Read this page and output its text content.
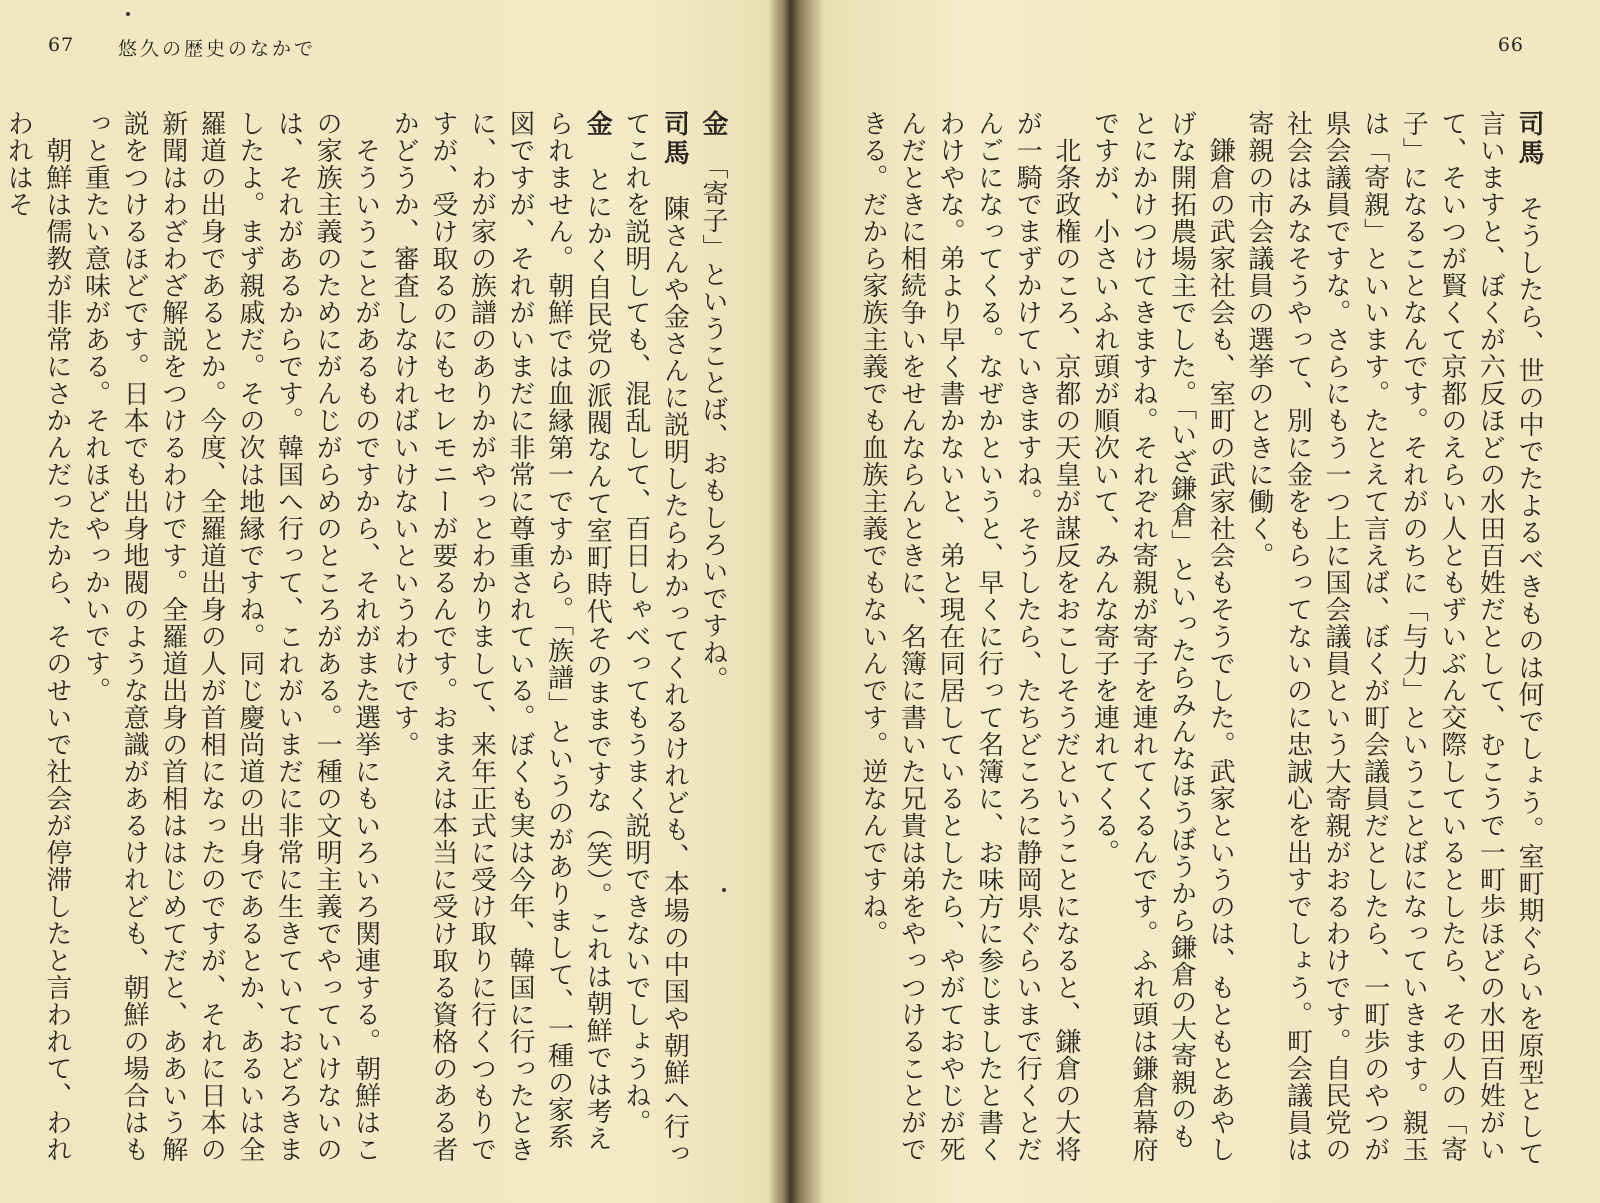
67 悠久の歴史のなかで

金　「寄子」ということば、おもしろいですね。

司馬　陳さんや金さんに説明したらわかってくれるけれども、本場の中国や朝鮮へ行ってこれを説明しても、混乱して、百日しゃべってもうまく説明できないでしょうね。

金　とにかく自民党の派閥なんて室町時代そのままですな（笑）。これは朝鮮では考えられません。朝鮮では血縁第一ですから。「族譜」というのがありまして、一種の家系図ですが、それがいまだに非常に尊重されている。ぼくも実は今年、韓国に行ったときに、わが家の族譜のありかがやっとわかりまして、来年正式に受け取りに行くつもりですが、受け取るのにもセレモニーが要るんです。おまえは本当に受け取る資格のある者かどうか、審査しなければいけないというわけです。

　そういうことがあるものですから、それがまた選挙にもいろいろ関連する。朝鮮はこの家族主義のためにがんじがらめのところがある。一種の文明主義でやっていけないのは、それがあるからです。韓国へ行って、これがいまだに非常に生きていておどろきましたよ。まず親戚だ。その次は地縁ですね。同じ慶尚道の出身であるとか、あるいは全羅道の出身であるとか。今度、全羅道出身の人が首相になったのですが、それに日本の新聞はわざわざ解説をつけるわけです。全羅道出身の首相ははじめてだと、ああいう解説をつけるほどです。日本でも出身地閥のような意識があるけれども、朝鮮の場合はもっと重たい意味がある。それほどやっかいです。

　朝鮮は儒教が非常にさかんだったから、そのせいで社会が停滞したと言われて、われわれはそ

66

司馬　そうしたら、世の中でたよるべきものは何でしょう。室町期ぐらいを原型として言いますと、ぼくが六反ほどの水田百姓だとして、むこうで一町歩ほどの水田百姓がいて、そいつが賢くて京都のえらい人ともずいぶん交際しているとしたら、その人の「寄子」になることなんです。それがのちに「与力」ということばになっていきます。親玉は「寄親」といいます。たとえて言えば、ぼくが町会議員だとしたら、一町歩のやつが県会議員ですな。さらにもう一つ上に国会議員という大寄親がおるわけです。自民党の社会はみなそうやって、別に金をもらってないのに忠誠心を出すでしょう。町会議員は寄親の市会議員の選挙のときに働く。

　鎌倉の武家社会も、室町の武家社会もそうでした。武家というのは、もともとあやしげな開拓農場主でした。「いざ鎌倉」といったらみんなほうぼうから鎌倉の大寄親のもとにかけつけてきますね。それぞれ寄親が寄子を連れてくるんです。ふれ頭は鎌倉幕府ですが、小さいふれ頭が順次いて、みんな寄子を連れてくる。

　北条政権のころ、京都の天皇が謀反をおこしそうだということになると、鎌倉の大将が一騎でまずかけていきますね。そうしたら、たちどころに静岡県ぐらいまで行くとだんごになってくる。なぜかというと、早くに行って名簿に、お味方に参じましたと書くわけやな。弟より早く書かないと、弟と現在同居しているとしたら、やがておやじが死んだときに相続争いをせんならんときに、名簿に書いた兄貴は弟をやっつけることができる。だから家族主義でも血族主義でもないんです。逆なんですね。
